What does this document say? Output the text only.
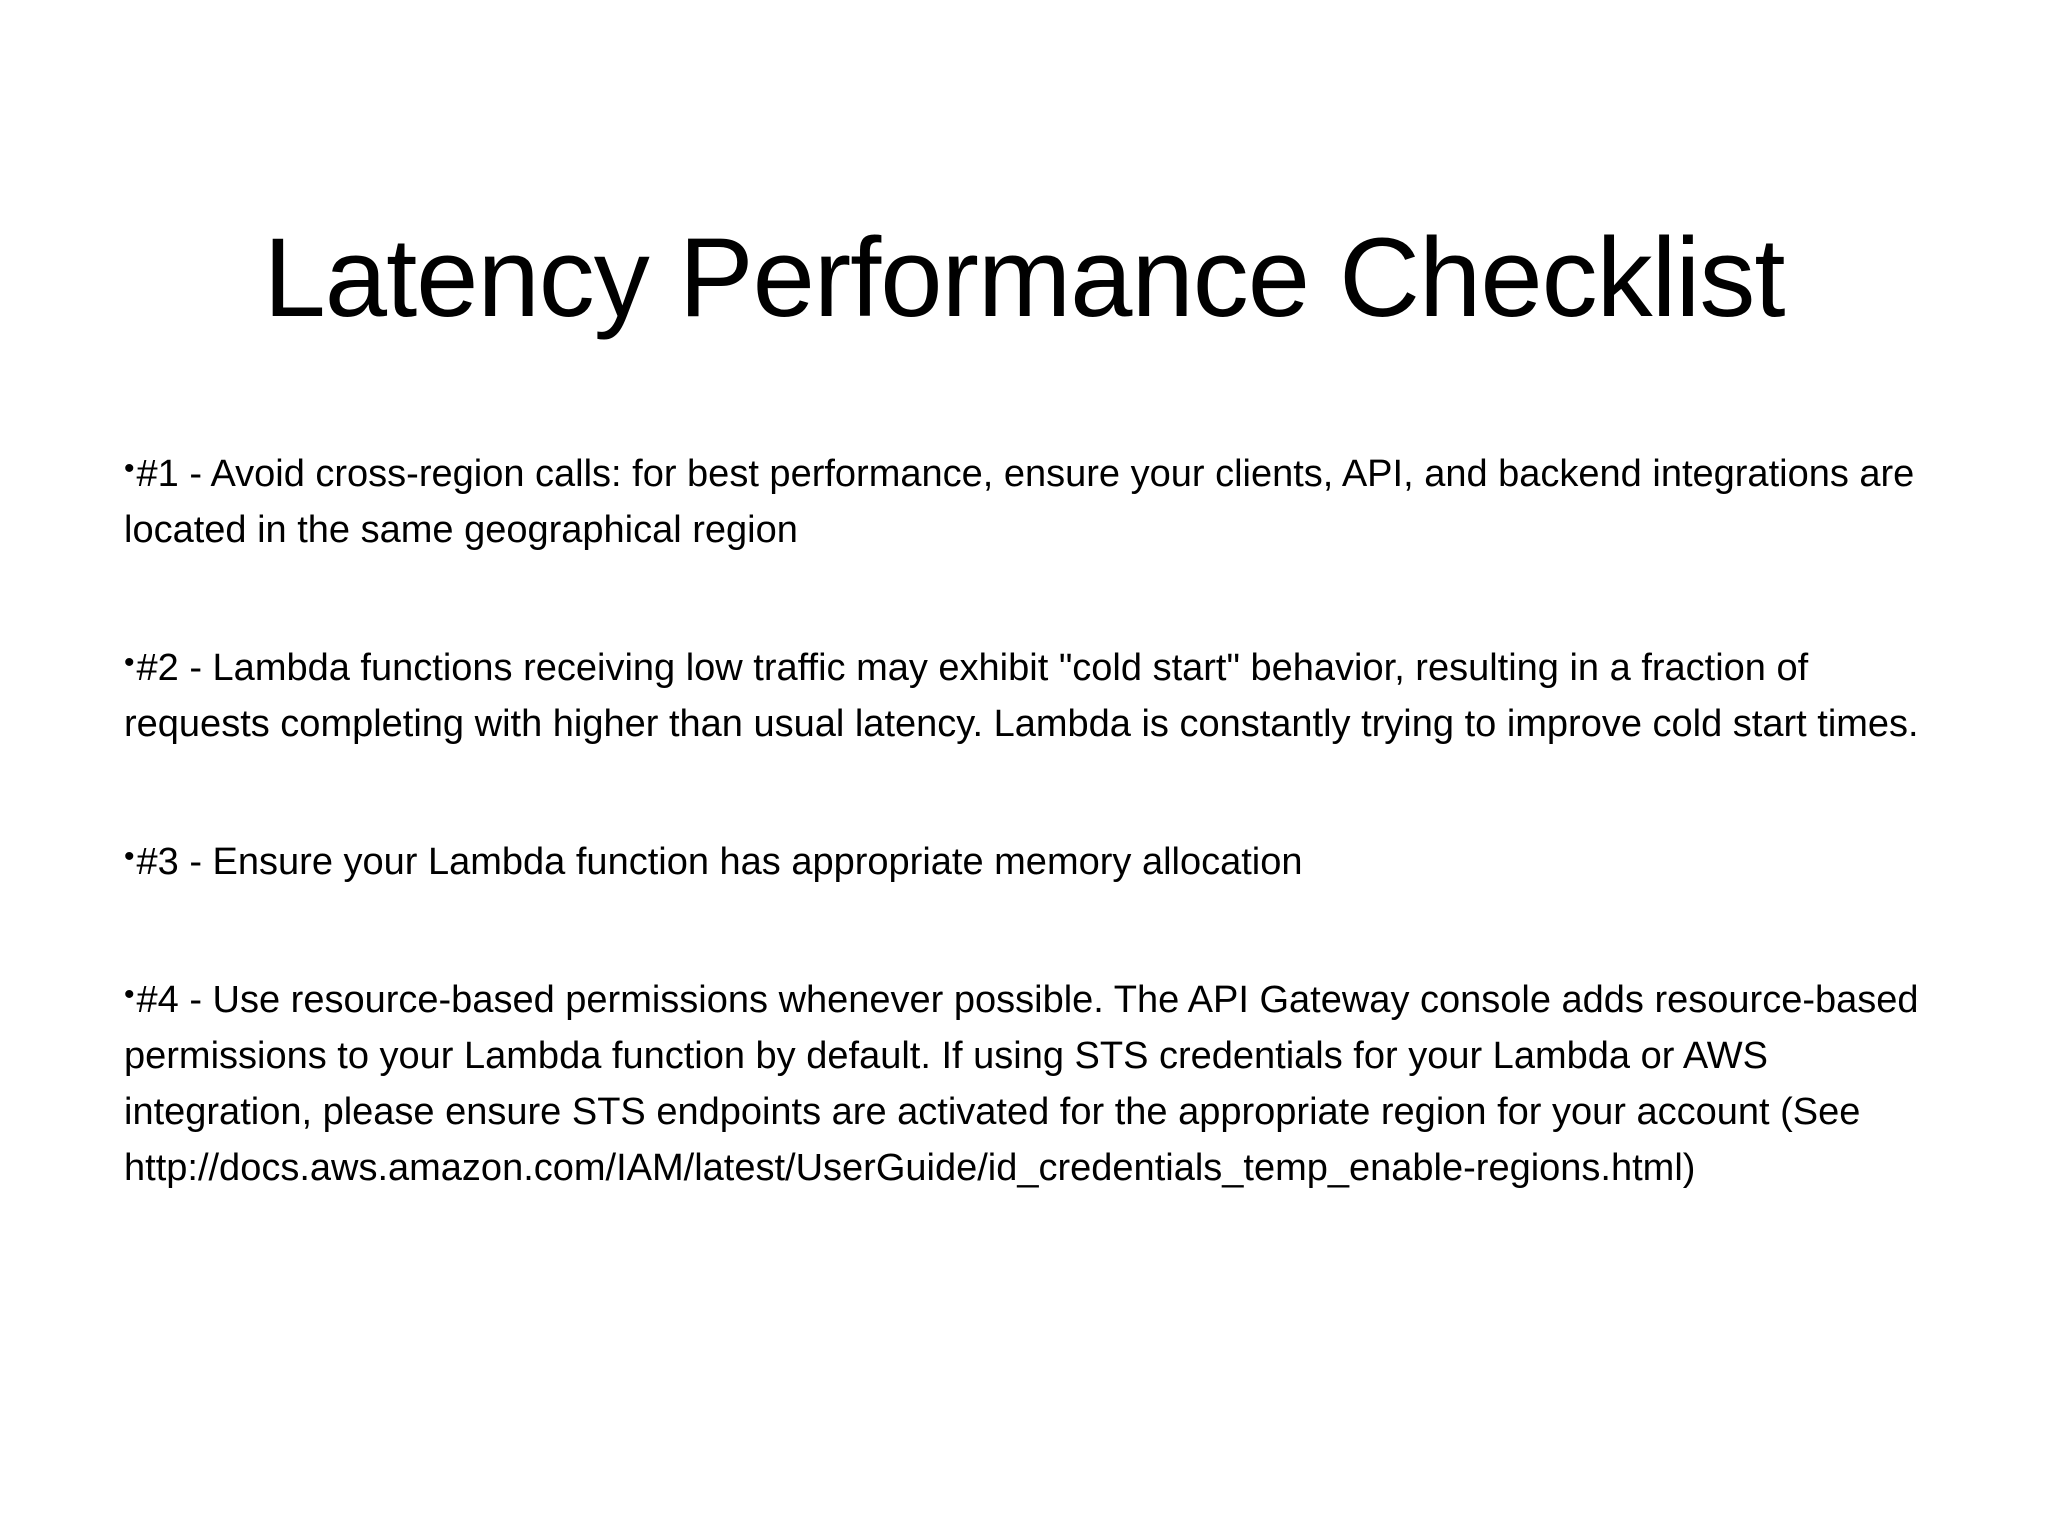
Latency Performance Checklist
•#1 - Avoid cross-region calls: for best performance, ensure your clients, API, and backend integrations are located in the same geographical region
•#2 - Lambda functions receiving low traffic may exhibit "cold start" behavior, resulting in a fraction of requests completing with higher than usual latency. Lambda is constantly trying to improve cold start times.
•#3 - Ensure your Lambda function has appropriate memory allocation
•#4 - Use resource-based permissions whenever possible. The API Gateway console adds resource-based permissions to your Lambda function by default. If using STS credentials for your Lambda or AWS integration, please ensure STS endpoints are activated for the appropriate region for your account (See http://docs.aws.amazon.com/IAM/latest/UserGuide/id_credentials_temp_enable-regions.html)
